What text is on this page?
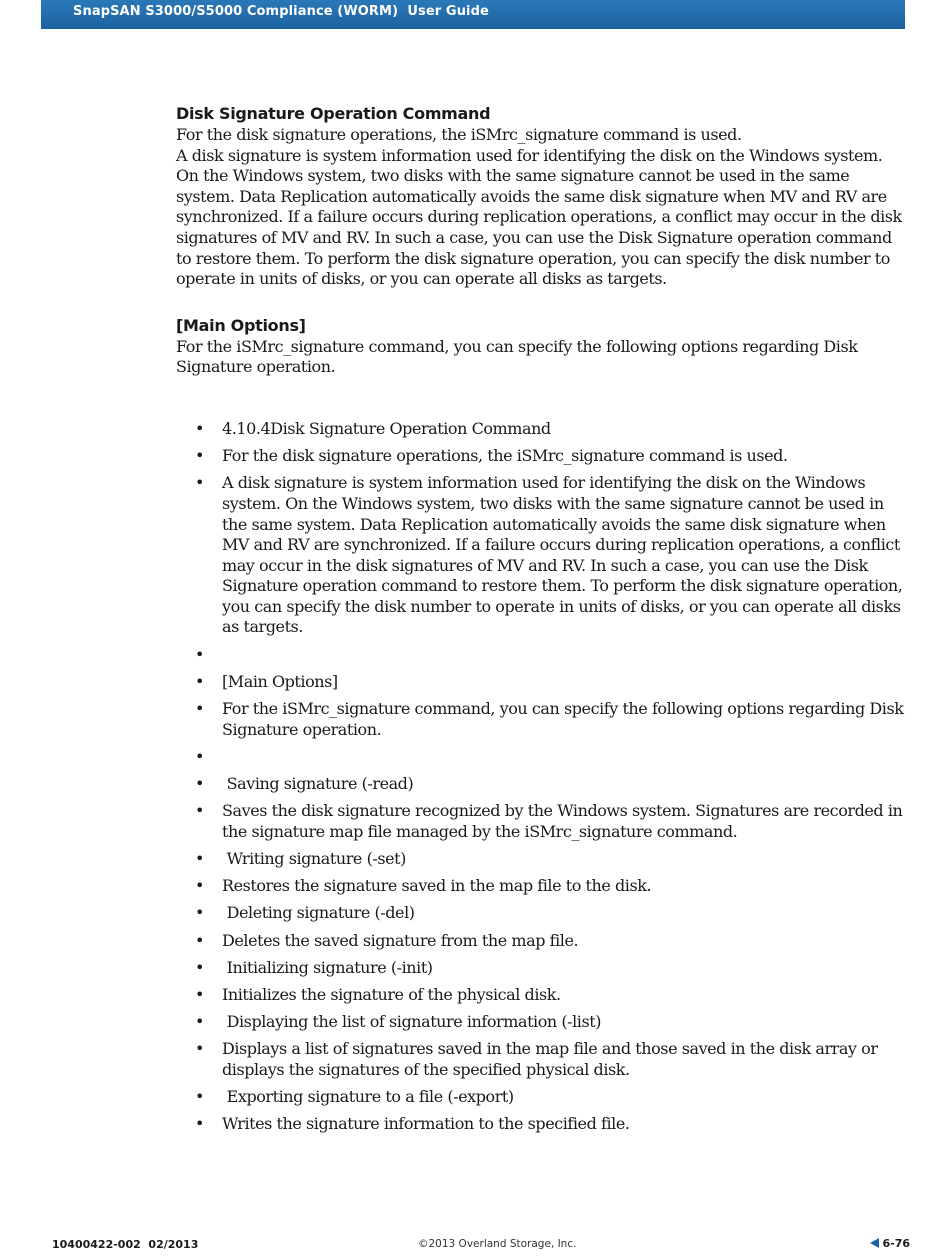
SnapSAN S3000/S5000 Compliance (WORM)  User Guide
Disk Signature Operation Command

For the disk signature operations, the iSMrc_signature command is used.

A disk signature is system information used for identifying the disk on the Windows system. On the Windows system, two disks with the same signature cannot be used in the same system. Data Replication automatically avoids the same disk signature when MV and RV are synchronized. If a failure occurs during replication operations, a conflict may occur in the disk signatures of MV and RV. In such a case, you can use the Disk Signature operation command to restore them. To perform the disk signature operation, you can specify the disk number to operate in units of disks, or you can operate all disks as targets.

[Main Options]

For the iSMrc_signature command, you can specify the following options regarding Disk Signature operation.

• 4.10.4Disk Signature Operation Command
• For the disk signature operations, the iSMrc_signature command is used.
• A disk signature is system information used for identifying the disk on the Windows system. On the Windows system, two disks with the same signature cannot be used in the same system. Data Replication automatically avoids the same disk signature when MV and RV are synchronized. If a failure occurs during replication operations, a conflict may occur in the disk signatures of MV and RV. In such a case, you can use the Disk Signature operation command to restore them. To perform the disk signature operation, you can specify the disk number to operate in units of disks, or you can operate all disks as targets.
•
• [Main Options]
• For the iSMrc_signature command, you can specify the following options regarding Disk Signature operation.
•
• Saving signature (-read)
• Saves the disk signature recognized by the Windows system. Signatures are recorded in the signature map file managed by the iSMrc_signature command.
• Writing signature (-set)
• Restores the signature saved in the map file to the disk.
• Deleting signature (-del)
• Deletes the saved signature from the map file.
• Initializing signature (-init)
• Initializes the signature of the physical disk.
• Displaying the list of signature information (-list)
• Displays a list of signatures saved in the map file and those saved in the disk array or displays the signatures of the specified physical disk.
• Exporting signature to a file (-export)
• Writes the signature information to the specified file.
10400422-002  02/2013	©2013 Overland Storage, Inc.	6-76
